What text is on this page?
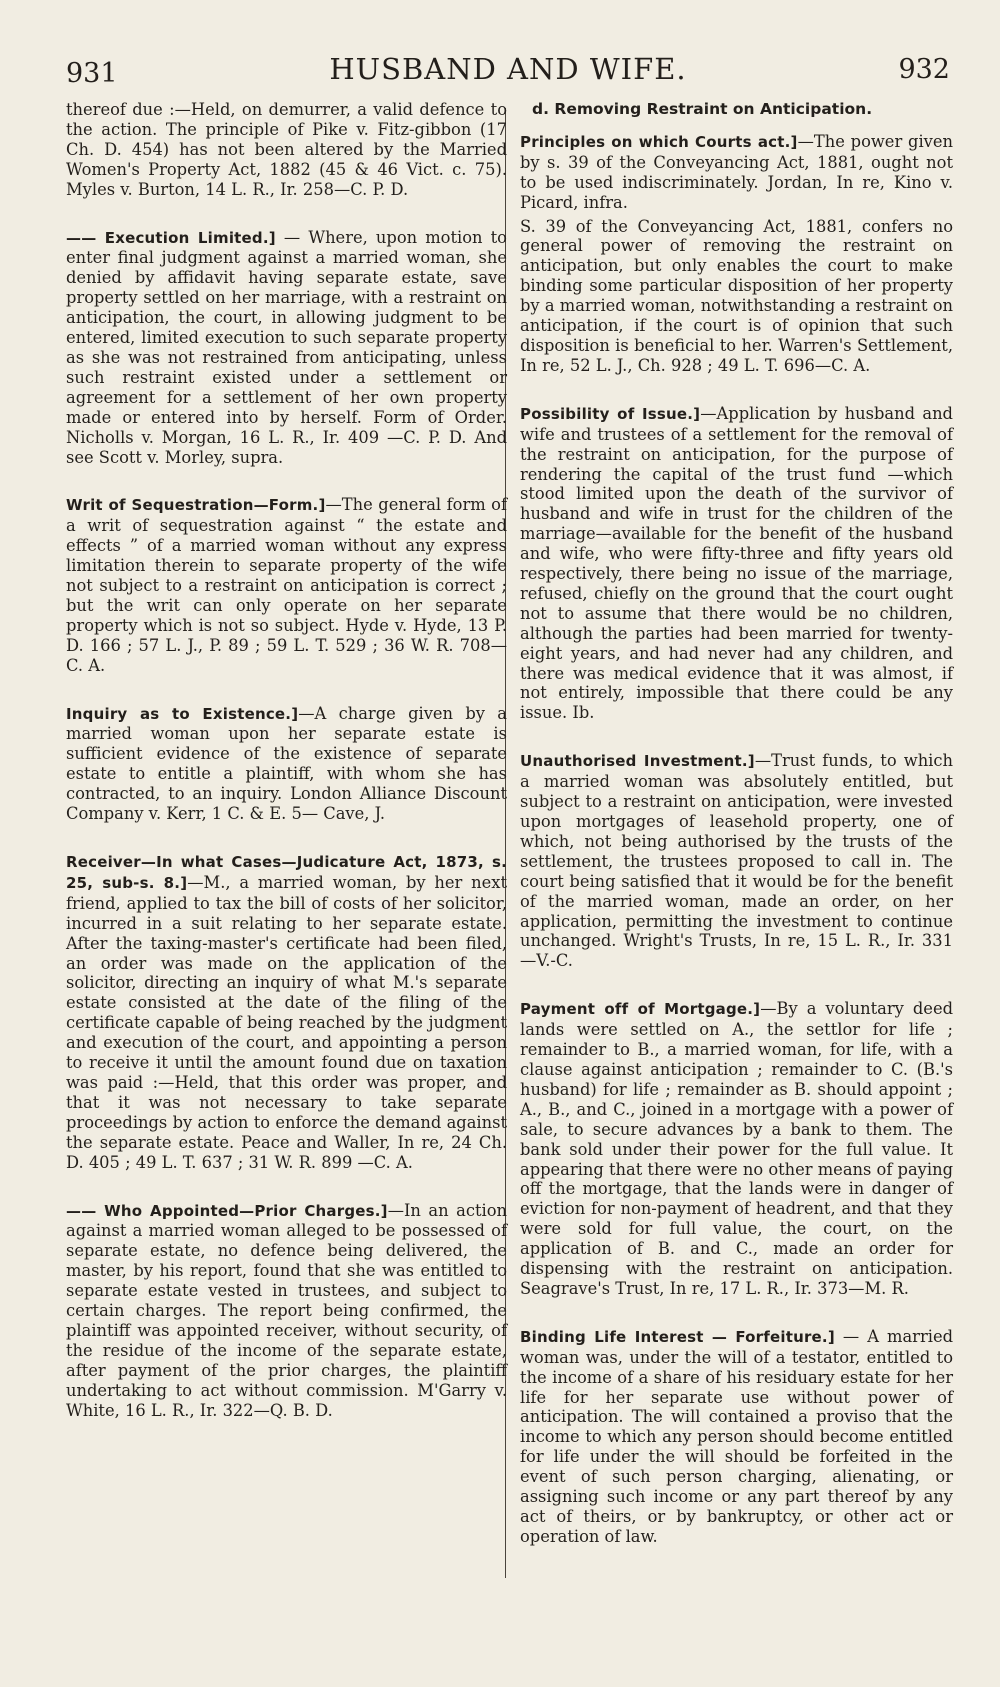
931	HUSBAND AND WIFE.	932

thereof due :—Held, on demurrer, a valid defence to the action. The principle of Pike v. Fitz-gibbon (17 Ch. D. 454) has not been altered by the Married Women's Property Act, 1882 (45 & 46 Vict. c. 75). Myles v. Burton, 14 L. R., Ir. 258—C. P. D.

—— Execution Limited.] — Where, upon motion to enter final judgment against a married woman, she denied by affidavit having separate estate, save property settled on her marriage, with a restraint on anticipation, the court, in allowing judgment to be entered, limited execution to such separate property as she was not restrained from anticipating, unless such restraint existed under a settlement or agreement for a settlement of her own property made or entered into by herself. Form of Order. Nicholls v. Morgan, 16 L. R., Ir. 409 —C. P. D. And see Scott v. Morley, supra.

Writ of Sequestration—Form.]—The general form of a writ of sequestration against “ the estate and effects ” of a married woman without any express limitation therein to separate property of the wife not subject to a restraint on anticipation is correct ; but the writ can only operate on her separate property which is not so subject. Hyde v. Hyde, 13 P. D. 166 ; 57 L. J., P. 89 ; 59 L. T. 529 ; 36 W. R. 708— C. A.

Inquiry as to Existence.]—A charge given by a married woman upon her separate estate is sufficient evidence of the existence of separate estate to entitle a plaintiff, with whom she has contracted, to an inquiry. London Alliance Discount Company v. Kerr, 1 C. & E. 5— Cave, J.

Receiver—In what Cases—Judicature Act, 1873, s. 25, sub-s. 8.]—M., a married woman, by her next friend, applied to tax the bill of costs of her solicitor, incurred in a suit relating to her separate estate. After the taxing-master's certificate had been filed, an order was made on the application of the solicitor, directing an inquiry of what M.'s separate estate consisted at the date of the filing of the certificate capable of being reached by the judgment and execution of the court, and appointing a person to receive it until the amount found due on taxation was paid :—Held, that this order was proper, and that it was not necessary to take separate proceedings by action to enforce the demand against the separate estate. Peace and Waller, In re, 24 Ch. D. 405 ; 49 L. T. 637 ; 31 W. R. 899 —C. A.

—— Who Appointed—Prior Charges.]—In an action against a married woman alleged to be possessed of separate estate, no defence being delivered, the master, by his report, found that she was entitled to separate estate vested in trustees, and subject to certain charges. The report being confirmed, the plaintiff was appointed receiver, without security, of the residue of the income of the separate estate, after payment of the prior charges, the plaintiff undertaking to act without commission. M'Garry v. White, 16 L. R., Ir. 322—Q. B. D.

d. Removing Restraint on Anticipation.

Principles on which Courts act.]—The power given by s. 39 of the Conveyancing Act, 1881, ought not to be used indiscriminately. Jordan, In re, Kino v. Picard, infra.

S. 39 of the Conveyancing Act, 1881, confers no general power of removing the restraint on anticipation, but only enables the court to make binding some particular disposition of her property by a married woman, notwithstanding a restraint on anticipation, if the court is of opinion that such disposition is beneficial to her. Warren's Settlement, In re, 52 L. J., Ch. 928 ; 49 L. T. 696—C. A.

Possibility of Issue.]—Application by husband and wife and trustees of a settlement for the removal of the restraint on anticipation, for the purpose of rendering the capital of the trust fund —which stood limited upon the death of the survivor of husband and wife in trust for the children of the marriage—available for the benefit of the husband and wife, who were fifty-three and fifty years old respectively, there being no issue of the marriage, refused, chiefly on the ground that the court ought not to assume that there would be no children, although the parties had been married for twenty-eight years, and had never had any children, and there was medical evidence that it was almost, if not entirely, impossible that there could be any issue. Ib.

Unauthorised Investment.]—Trust funds, to which a married woman was absolutely entitled, but subject to a restraint on anticipation, were invested upon mortgages of leasehold property, one of which, not being authorised by the trusts of the settlement, the trustees proposed to call in. The court being satisfied that it would be for the benefit of the married woman, made an order, on her application, permitting the investment to continue unchanged. Wright's Trusts, In re, 15 L. R., Ir. 331—V.-C.

Payment off of Mortgage.]—By a voluntary deed lands were settled on A., the settlor for life ; remainder to B., a married woman, for life, with a clause against anticipation ; remainder to C. (B.'s husband) for life ; remainder as B. should appoint ; A., B., and C., joined in a mortgage with a power of sale, to secure advances by a bank to them. The bank sold under their power for the full value. It appearing that there were no other means of paying off the mortgage, that the lands were in danger of eviction for non-payment of headrent, and that they were sold for full value, the court, on the application of B. and C., made an order for dispensing with the restraint on anticipation. Seagrave's Trust, In re, 17 L. R., Ir. 373—M. R.

Binding Life Interest — Forfeiture.] — A married woman was, under the will of a testator, entitled to the income of a share of his residuary estate for her life for her separate use without power of anticipation. The will contained a proviso that the income to which any person should become entitled for life under the will should be forfeited in the event of such person charging, alienating, or assigning such income or any part thereof by any act of theirs, or by bankruptcy, or other act or operation of law.
